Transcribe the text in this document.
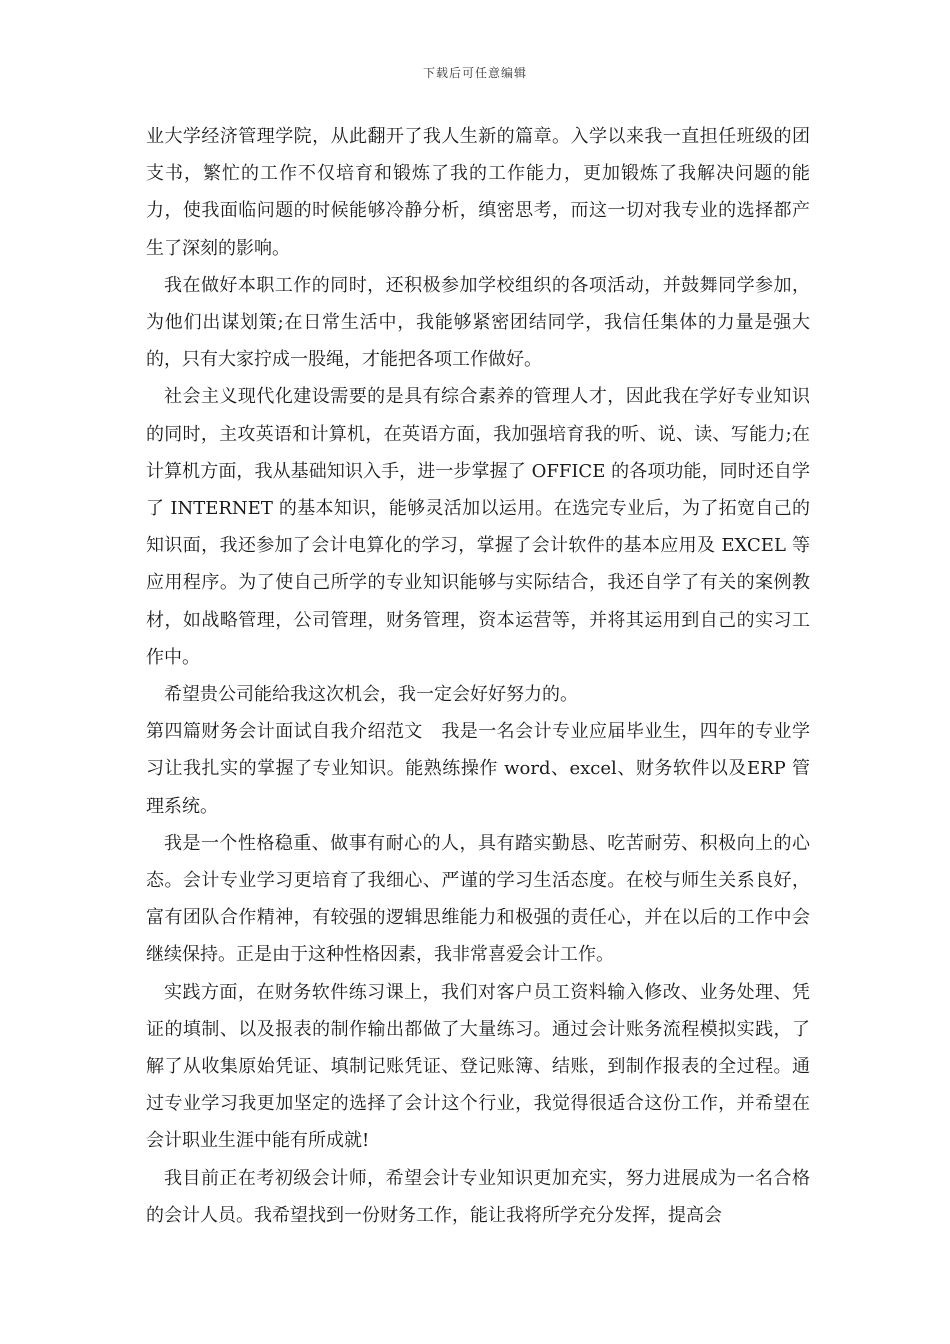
下载后可任意编辑

业大学经济管理学院，从此翻开了我人生新的篇章。入学以来我一直担任班级的团支书，繁忙的工作不仅培育和锻炼了我的工作能力，更加锻炼了我解决问题的能力，使我面临问题的时候能够冷静分析，缜密思考，而这一切对我专业的选择都产生了深刻的影响。

我在做好本职工作的同时，还积极参加学校组织的各项活动，并鼓舞同学参加，为他们出谋划策;在日常生活中，我能够紧密团结同学，我信任集体的力量是强大的，只有大家拧成一股绳，才能把各项工作做好。

社会主义现代化建设需要的是具有综合素养的管理人才，因此我在学好专业知识的同时，主攻英语和计算机，在英语方面，我加强培育我的听、说、读、写能力;在计算机方面，我从基础知识入手，进一步掌握了 OFFICE 的各项功能，同时还自学了 INTERNET 的基本知识，能够灵活加以运用。在选完专业后，为了拓宽自己的知识面，我还参加了会计电算化的学习，掌握了会计软件的基本应用及 EXCEL 等应用程序。为了使自己所学的专业知识能够与实际结合，我还自学了有关的案例教材，如战略管理，公司管理，财务管理，资本运营等，并将其运用到自己的实习工作中。

希望贵公司能给我这次机会，我一定会好好努力的。

第四篇财务会计面试自我介绍范文　我是一名会计专业应届毕业生，四年的专业学习让我扎实的掌握了专业知识。能熟练操作 word、excel、财务软件以及ERP 管理系统。

我是一个性格稳重、做事有耐心的人，具有踏实勤恳、吃苦耐劳、积极向上的心态。会计专业学习更培育了我细心、严谨的学习生活态度。在校与师生关系良好，富有团队合作精神，有较强的逻辑思维能力和极强的责任心，并在以后的工作中会继续保持。正是由于这种性格因素，我非常喜爱会计工作。

实践方面，在财务软件练习课上，我们对客户员工资料输入修改、业务处理、凭证的填制、以及报表的制作输出都做了大量练习。通过会计账务流程模拟实践，了解了从收集原始凭证、填制记账凭证、登记账簿、结账，到制作报表的全过程。通过专业学习我更加坚定的选择了会计这个行业，我觉得很适合这份工作，并希望在会计职业生涯中能有所成就!

我目前正在考初级会计师，希望会计专业知识更加充实，努力进展成为一名合格的会计人员。我希望找到一份财务工作，能让我将所学充分发挥，提高会
